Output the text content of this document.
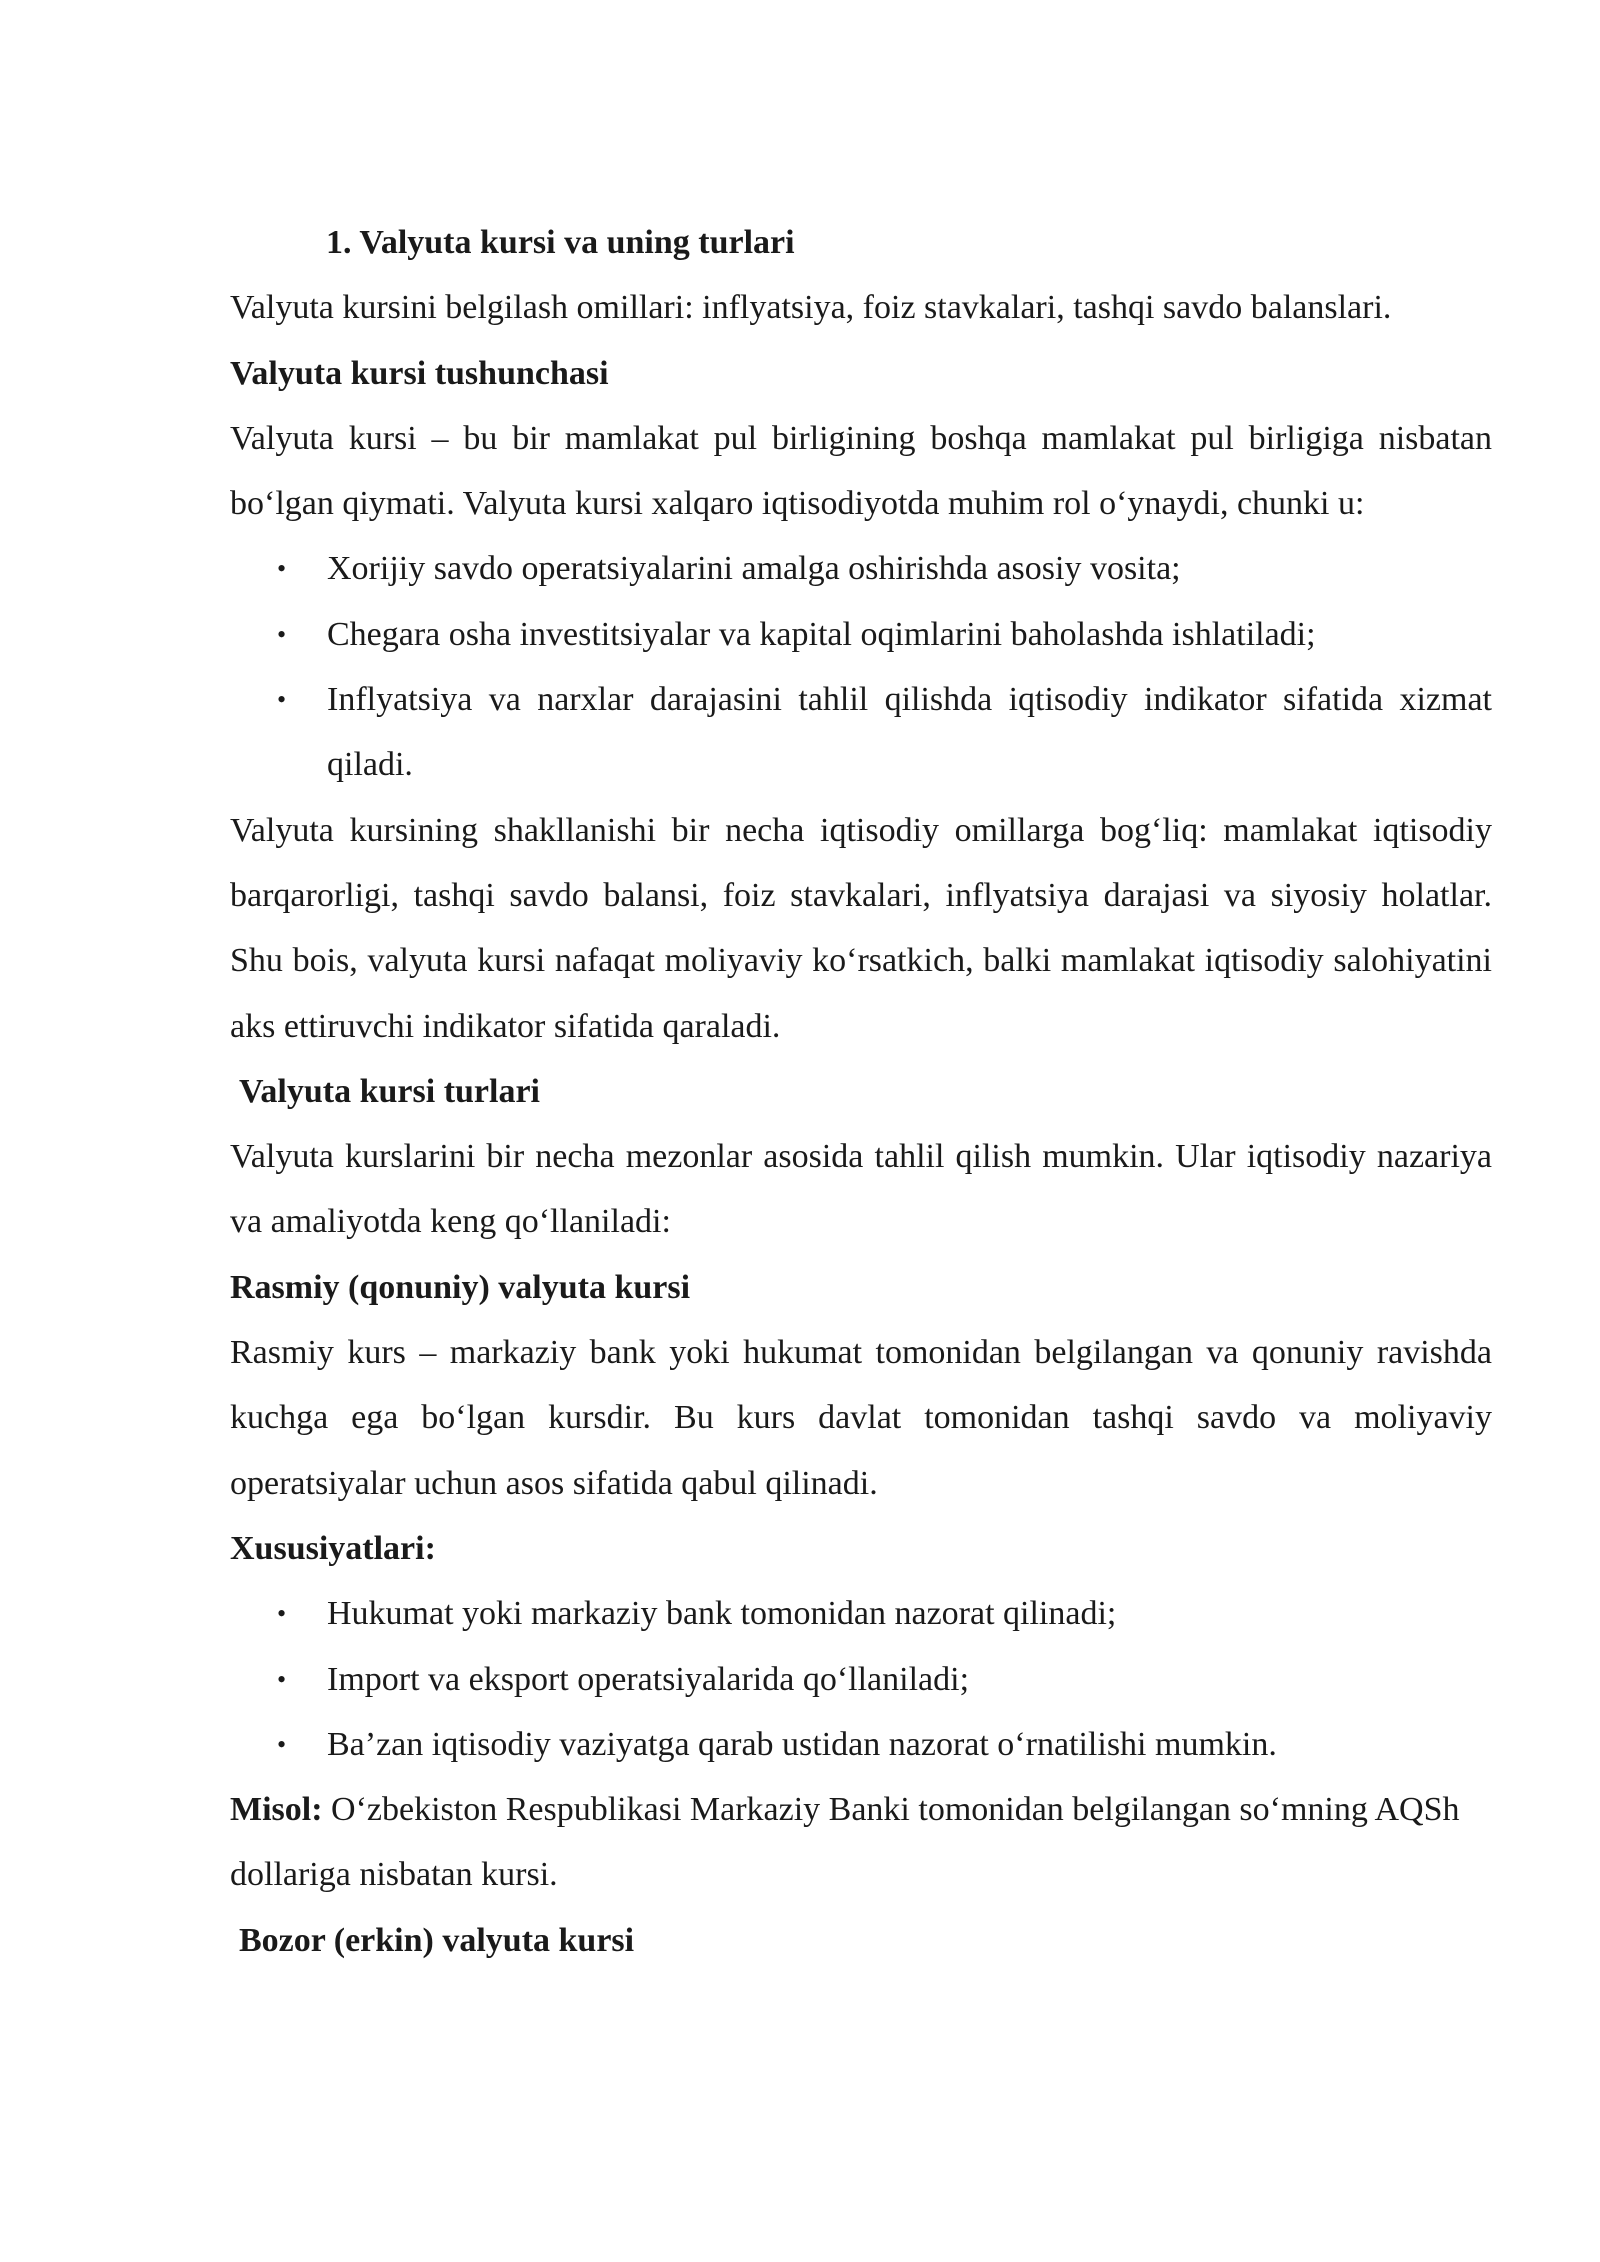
1. Valyuta kursi va uning turlari

Valyuta kursini belgilash omillari: inflyatsiya, foiz stavkalari, tashqi savdo balanslari.

Valyuta kursi tushunchasi

Valyuta kursi – bu bir mamlakat pul birligining boshqa mamlakat pul birligiga nisbatan bo‘lgan qiymati. Valyuta kursi xalqaro iqtisodiyotda muhim rol o‘ynaydi, chunki u:

• Xorijiy savdo operatsiyalarini amalga oshirishda asosiy vosita;
• Chegara osha investitsiyalar va kapital oqimlarini baholashda ishlatiladi;
• Inflyatsiya va narxlar darajasini tahlil qilishda iqtisodiy indikator sifatida xizmat qiladi.

Valyuta kursining shakllanishi bir necha iqtisodiy omillarga bog‘liq: mamlakat iqtisodiy barqarorligi, tashqi savdo balansi, foiz stavkalari, inflyatsiya darajasi va siyosiy holatlar. Shu bois, valyuta kursi nafaqat moliyaviy ko‘rsatkich, balki mamlakat iqtisodiy salohiyatini aks ettiruvchi indikator sifatida qaraladi.

Valyuta kursi turlari

Valyuta kurslarini bir necha mezonlar asosida tahlil qilish mumkin. Ular iqtisodiy nazariya va amaliyotda keng qo‘llaniladi:

Rasmiy (qonuniy) valyuta kursi

Rasmiy kurs – markaziy bank yoki hukumat tomonidan belgilangan va qonuniy ravishda kuchga ega bo‘lgan kursdir. Bu kurs davlat tomonidan tashqi savdo va moliyaviy operatsiyalar uchun asos sifatida qabul qilinadi.

Xususiyatlari:
• Hukumat yoki markaziy bank tomonidan nazorat qilinadi;
• Import va eksport operatsiyalarida qo‘llaniladi;
• Ba’zan iqtisodiy vaziyatga qarab ustidan nazorat o‘rnatilishi mumkin.

Misol: O‘zbekiston Respublikasi Markaziy Banki tomonidan belgilangan so‘mning AQSh dollariga nisbatan kursi.

Bozor (erkin) valyuta kursi
